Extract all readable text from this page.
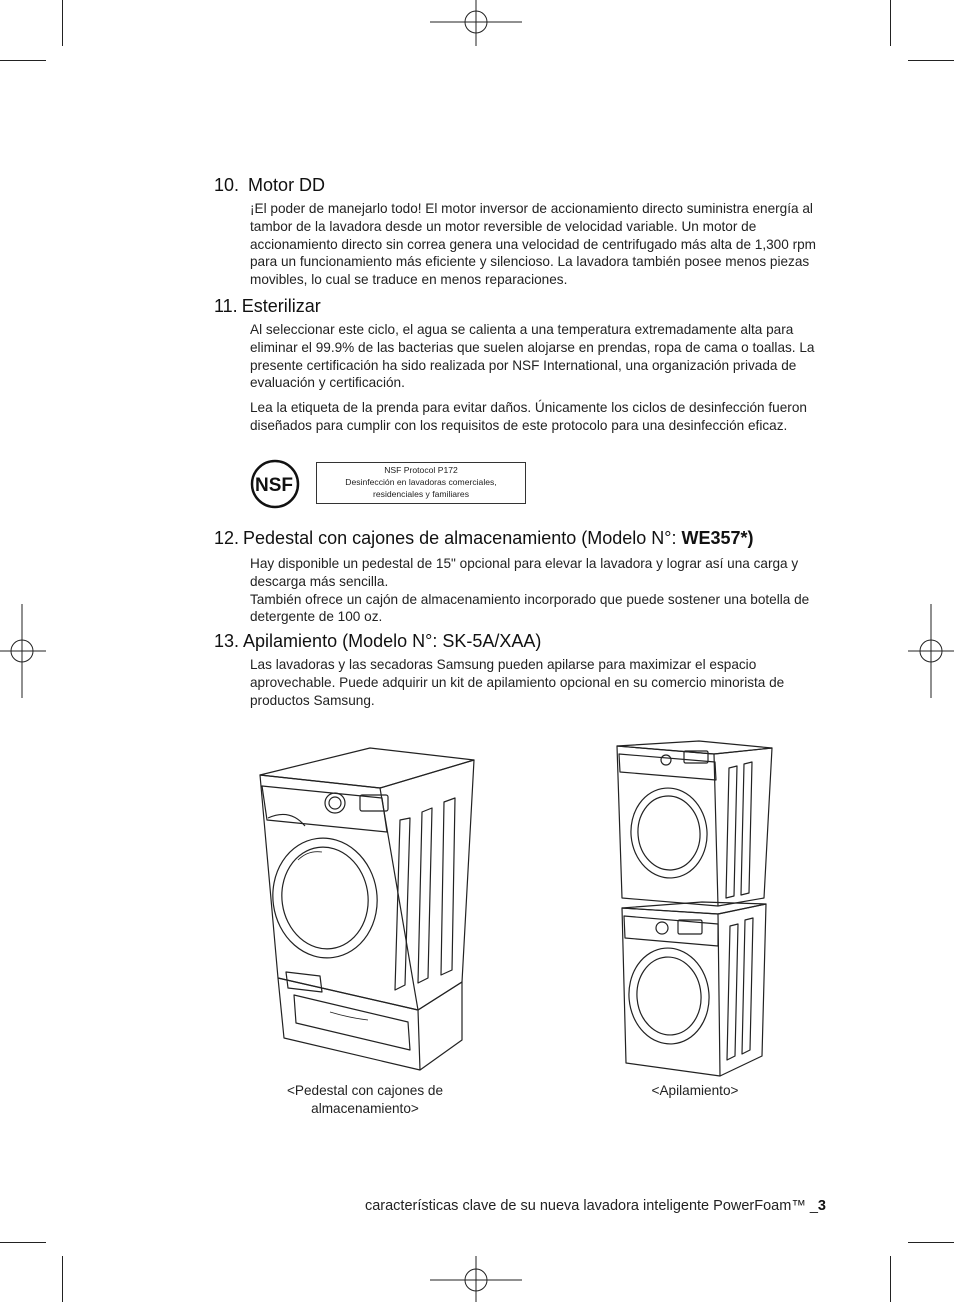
10. Motor DD

¡El poder de manejarlo todo! El motor inversor de accionamiento directo suministra energía al tambor de la lavadora desde un motor reversible de velocidad variable. Un motor de accionamiento directo sin correa genera una velocidad de centrifugado más alta de 1,300 rpm para un funcionamiento más eficiente y silencioso. La lavadora también posee menos piezas movibles, lo cual se traduce en menos reparaciones.

11. Esterilizar

Al seleccionar este ciclo, el agua se calienta a una temperatura extremadamente alta para eliminar el 99.9% de las bacterias que suelen alojarse en prendas, ropa de cama o toallas. La presente certificación ha sido realizada por NSF International, una organización privada de evaluación y certificación.

Lea la etiqueta de la prenda para evitar daños. Únicamente los ciclos de desinfección fueron diseñados para cumplir con los requisitos de este protocolo para una desinfección eficaz.

NSF
NSF Protocol P172
Desinfección en lavadoras comerciales,
residenciales y familiares
12. Pedestal con cajones de almacenamiento (Modelo N°: WE357*)

Hay disponible un pedestal de 15" opcional para elevar la lavadora y lograr así una carga y descarga más sencilla.

También ofrece un cajón de almacenamiento incorporado que puede sostener una botella de detergente de 100 oz.

13. Apilamiento (Modelo N°: SK-5A/XAA)

Las lavadoras y las secadoras Samsung pueden apilarse para maximizar el espacio aprovechable. Puede adquirir un kit de apilamiento opcional en su comercio minorista de productos Samsung.

<Pedestal con cajones de
almacenamiento>
<Apilamiento>
características clave de su nueva lavadora inteligente PowerFoam™ _3
